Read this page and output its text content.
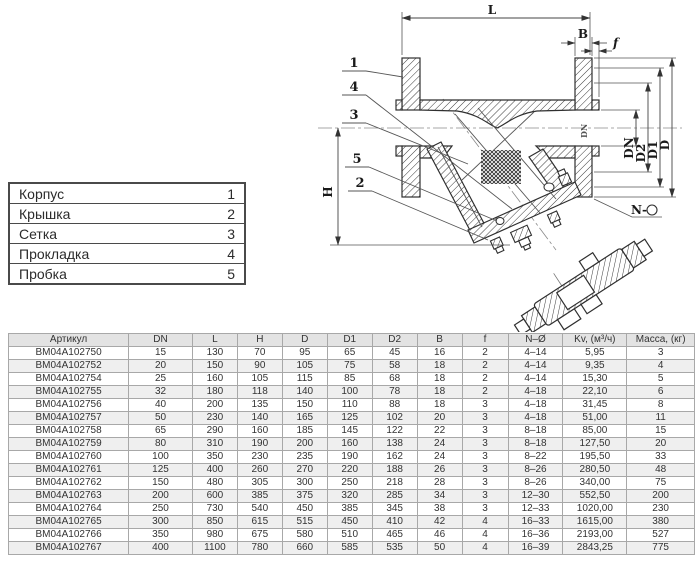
L
B
f
D
D1
D2
DN
DN
H
N-
1
4
3
5
2
Корпус	1
Крышка	2
Сетка	3
Прокладка	4
Пробка	5
Артикул	DN	L	H	D	D1	D2	B	f	N–Ø	Kv, (м³/ч)	Масса, (кг)
BM04A102750	15	130	70	95	65	45	16	2	4–14	5,95	3
BM04A102752	20	150	90	105	75	58	18	2	4–14	9,35	4
BM04A102754	25	160	105	115	85	68	18	2	4–14	15,30	5
BM04A102755	32	180	118	140	100	78	18	2	4–18	22,10	6
BM04A102756	40	200	135	150	110	88	18	3	4–18	31,45	8
BM04A102757	50	230	140	165	125	102	20	3	4–18	51,00	11
BM04A102758	65	290	160	185	145	122	22	3	8–18	85,00	15
BM04A102759	80	310	190	200	160	138	24	3	8–18	127,50	20
BM04A102760	100	350	230	235	190	162	24	3	8–22	195,50	33
BM04A102761	125	400	260	270	220	188	26	3	8–26	280,50	48
BM04A102762	150	480	305	300	250	218	28	3	8–26	340,00	75
BM04A102763	200	600	385	375	320	285	34	3	12–30	552,50	200
BM04A102764	250	730	540	450	385	345	38	3	12–33	1020,00	230
BM04A102765	300	850	615	515	450	410	42	4	16–33	1615,00	380
BM04A102766	350	980	675	580	510	465	46	4	16–36	2193,00	527
BM04A102767	400	1100	780	660	585	535	50	4	16–39	2843,25	775
